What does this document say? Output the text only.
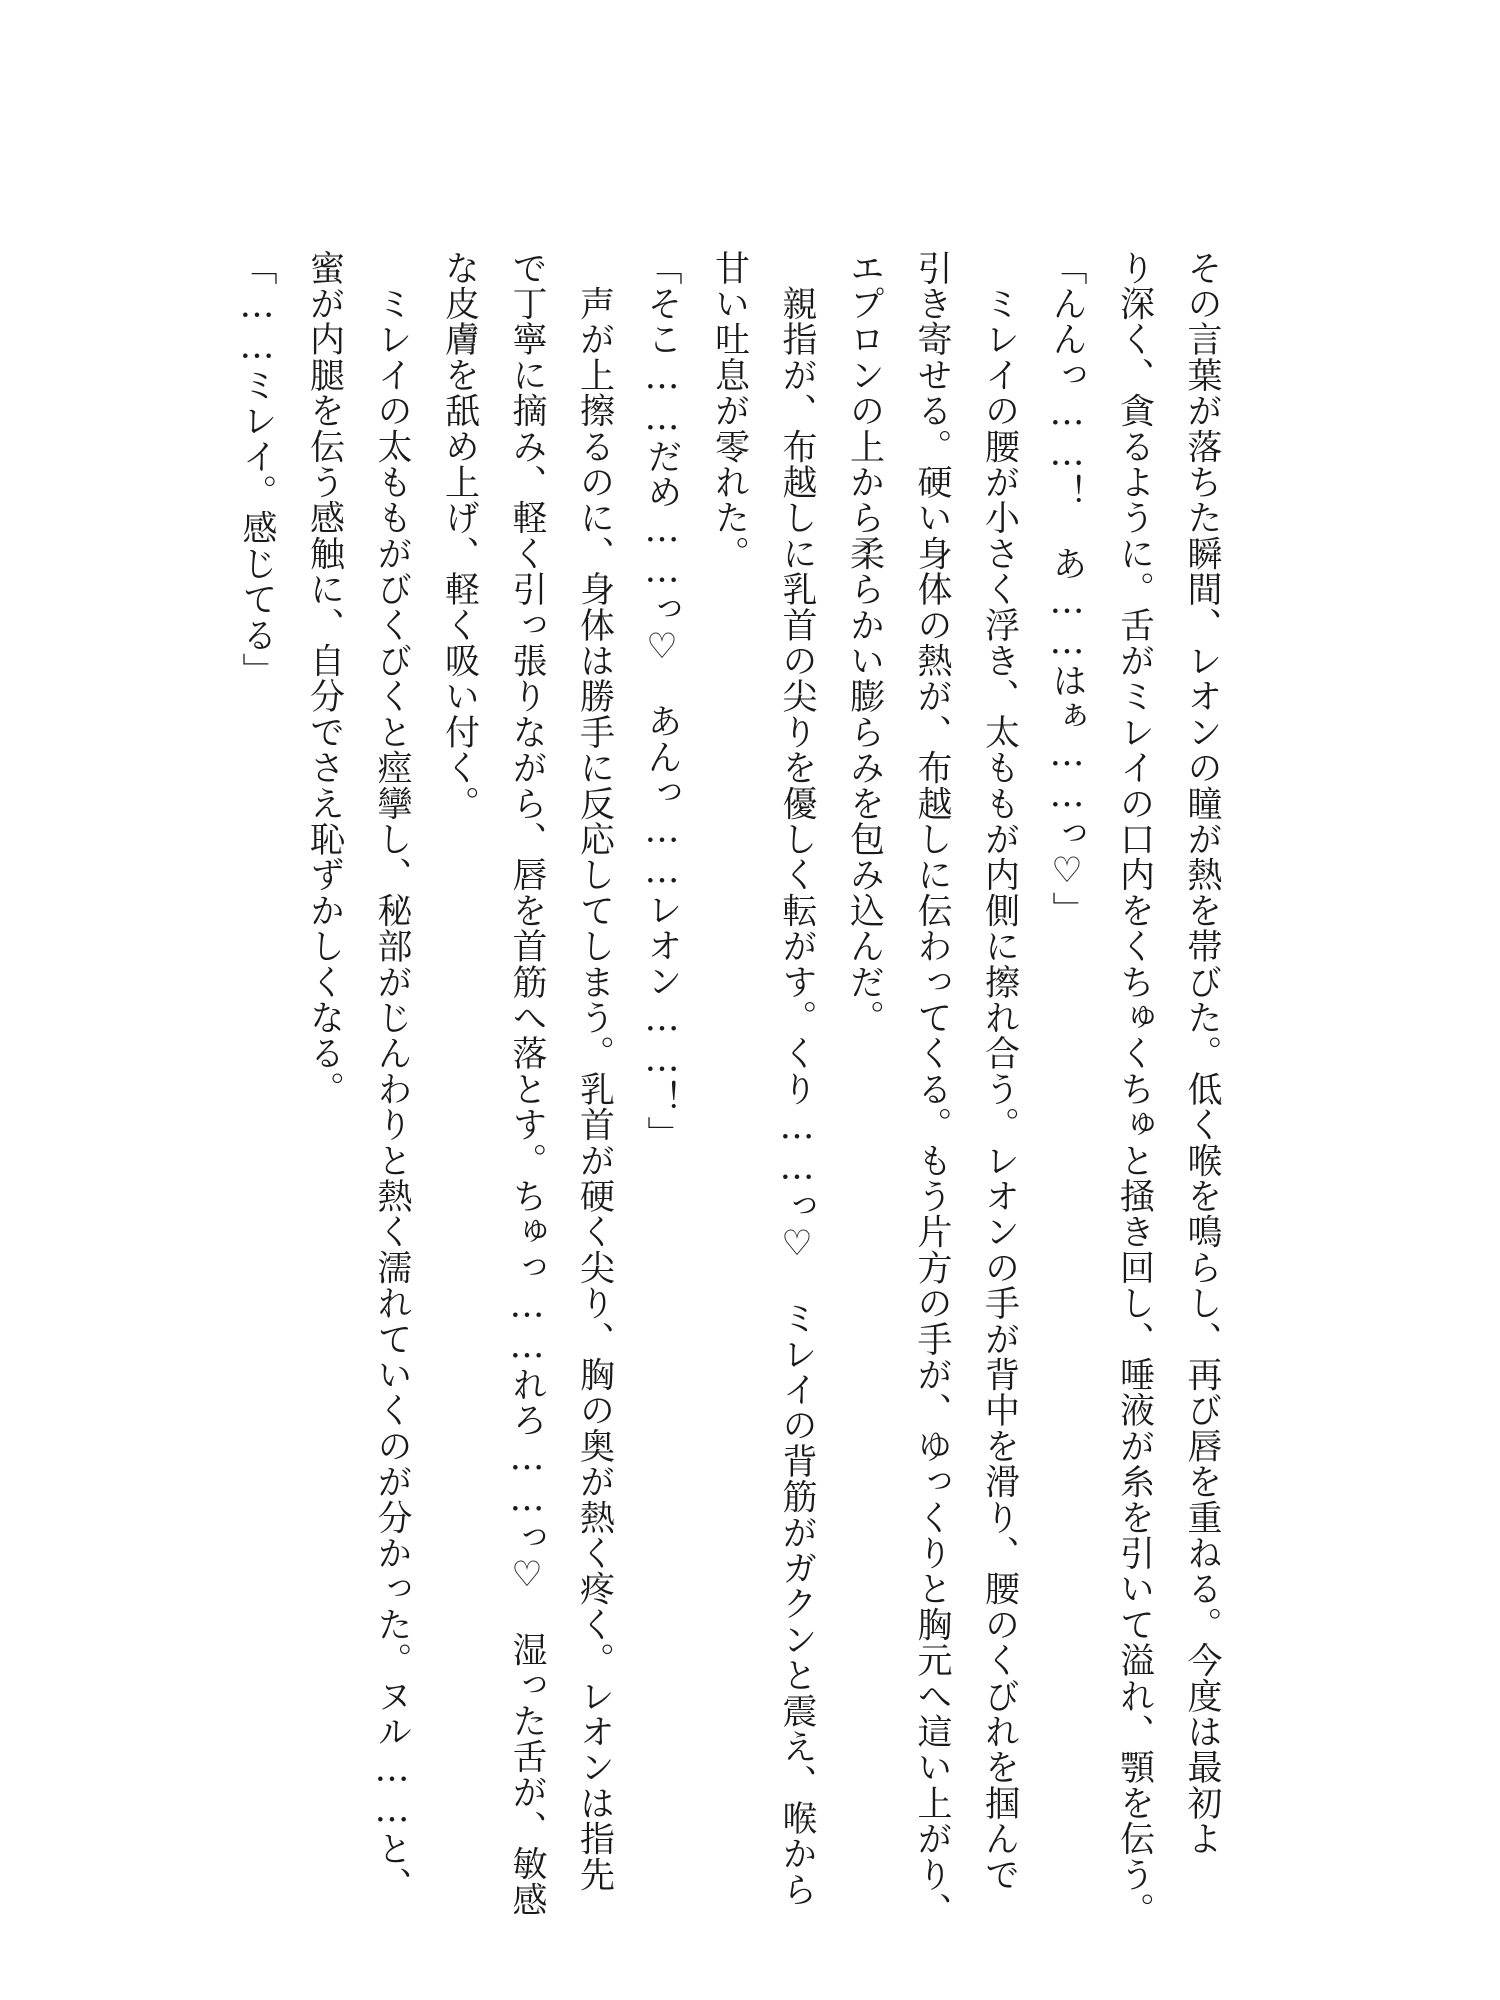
その言葉が落ちた瞬間、レオンの瞳が熱を帯びた。低く喉を鳴らし、再び唇を重ねる。今度は最初よ

り深く、貪るように。舌がミレイの口内をくちゅくちゅと掻き回し、唾液が糸を引いて溢れ、顎を伝う。

「んんっ……！　あ……はぁ……っ♡」

　ミレイの腰が小さく浮き、太ももが内側に擦れ合う。レオンの手が背中を滑り、腰のくびれを掴んで

引き寄せる。硬い身体の熱が、布越しに伝わってくる。もう片方の手が、ゆっくりと胸元へ這い上がり、

エプロンの上から柔らかい膨らみを包み込んだ。

　親指が、布越しに乳首の尖りを優しく転がす。くり……っ♡　ミレイの背筋がガクンと震え、喉から

甘い吐息が零れた。

「そこ……だめ……っ♡　あんっ……レオン……！」

　声が上擦るのに、身体は勝手に反応してしまう。乳首が硬く尖り、胸の奥が熱く疼く。レオンは指先

で丁寧に摘み、軽く引っ張りながら、唇を首筋へ落とす。ちゅっ……れろ……っ♡　湿った舌が、敏感

な皮膚を舐め上げ、軽く吸い付く。

　ミレイの太ももがびくびくと痙攣し、秘部がじんわりと熱く濡れていくのが分かった。ヌル……と、

蜜が内腿を伝う感触に、自分でさえ恥ずかしくなる。

「……ミレイ。感じてる」
